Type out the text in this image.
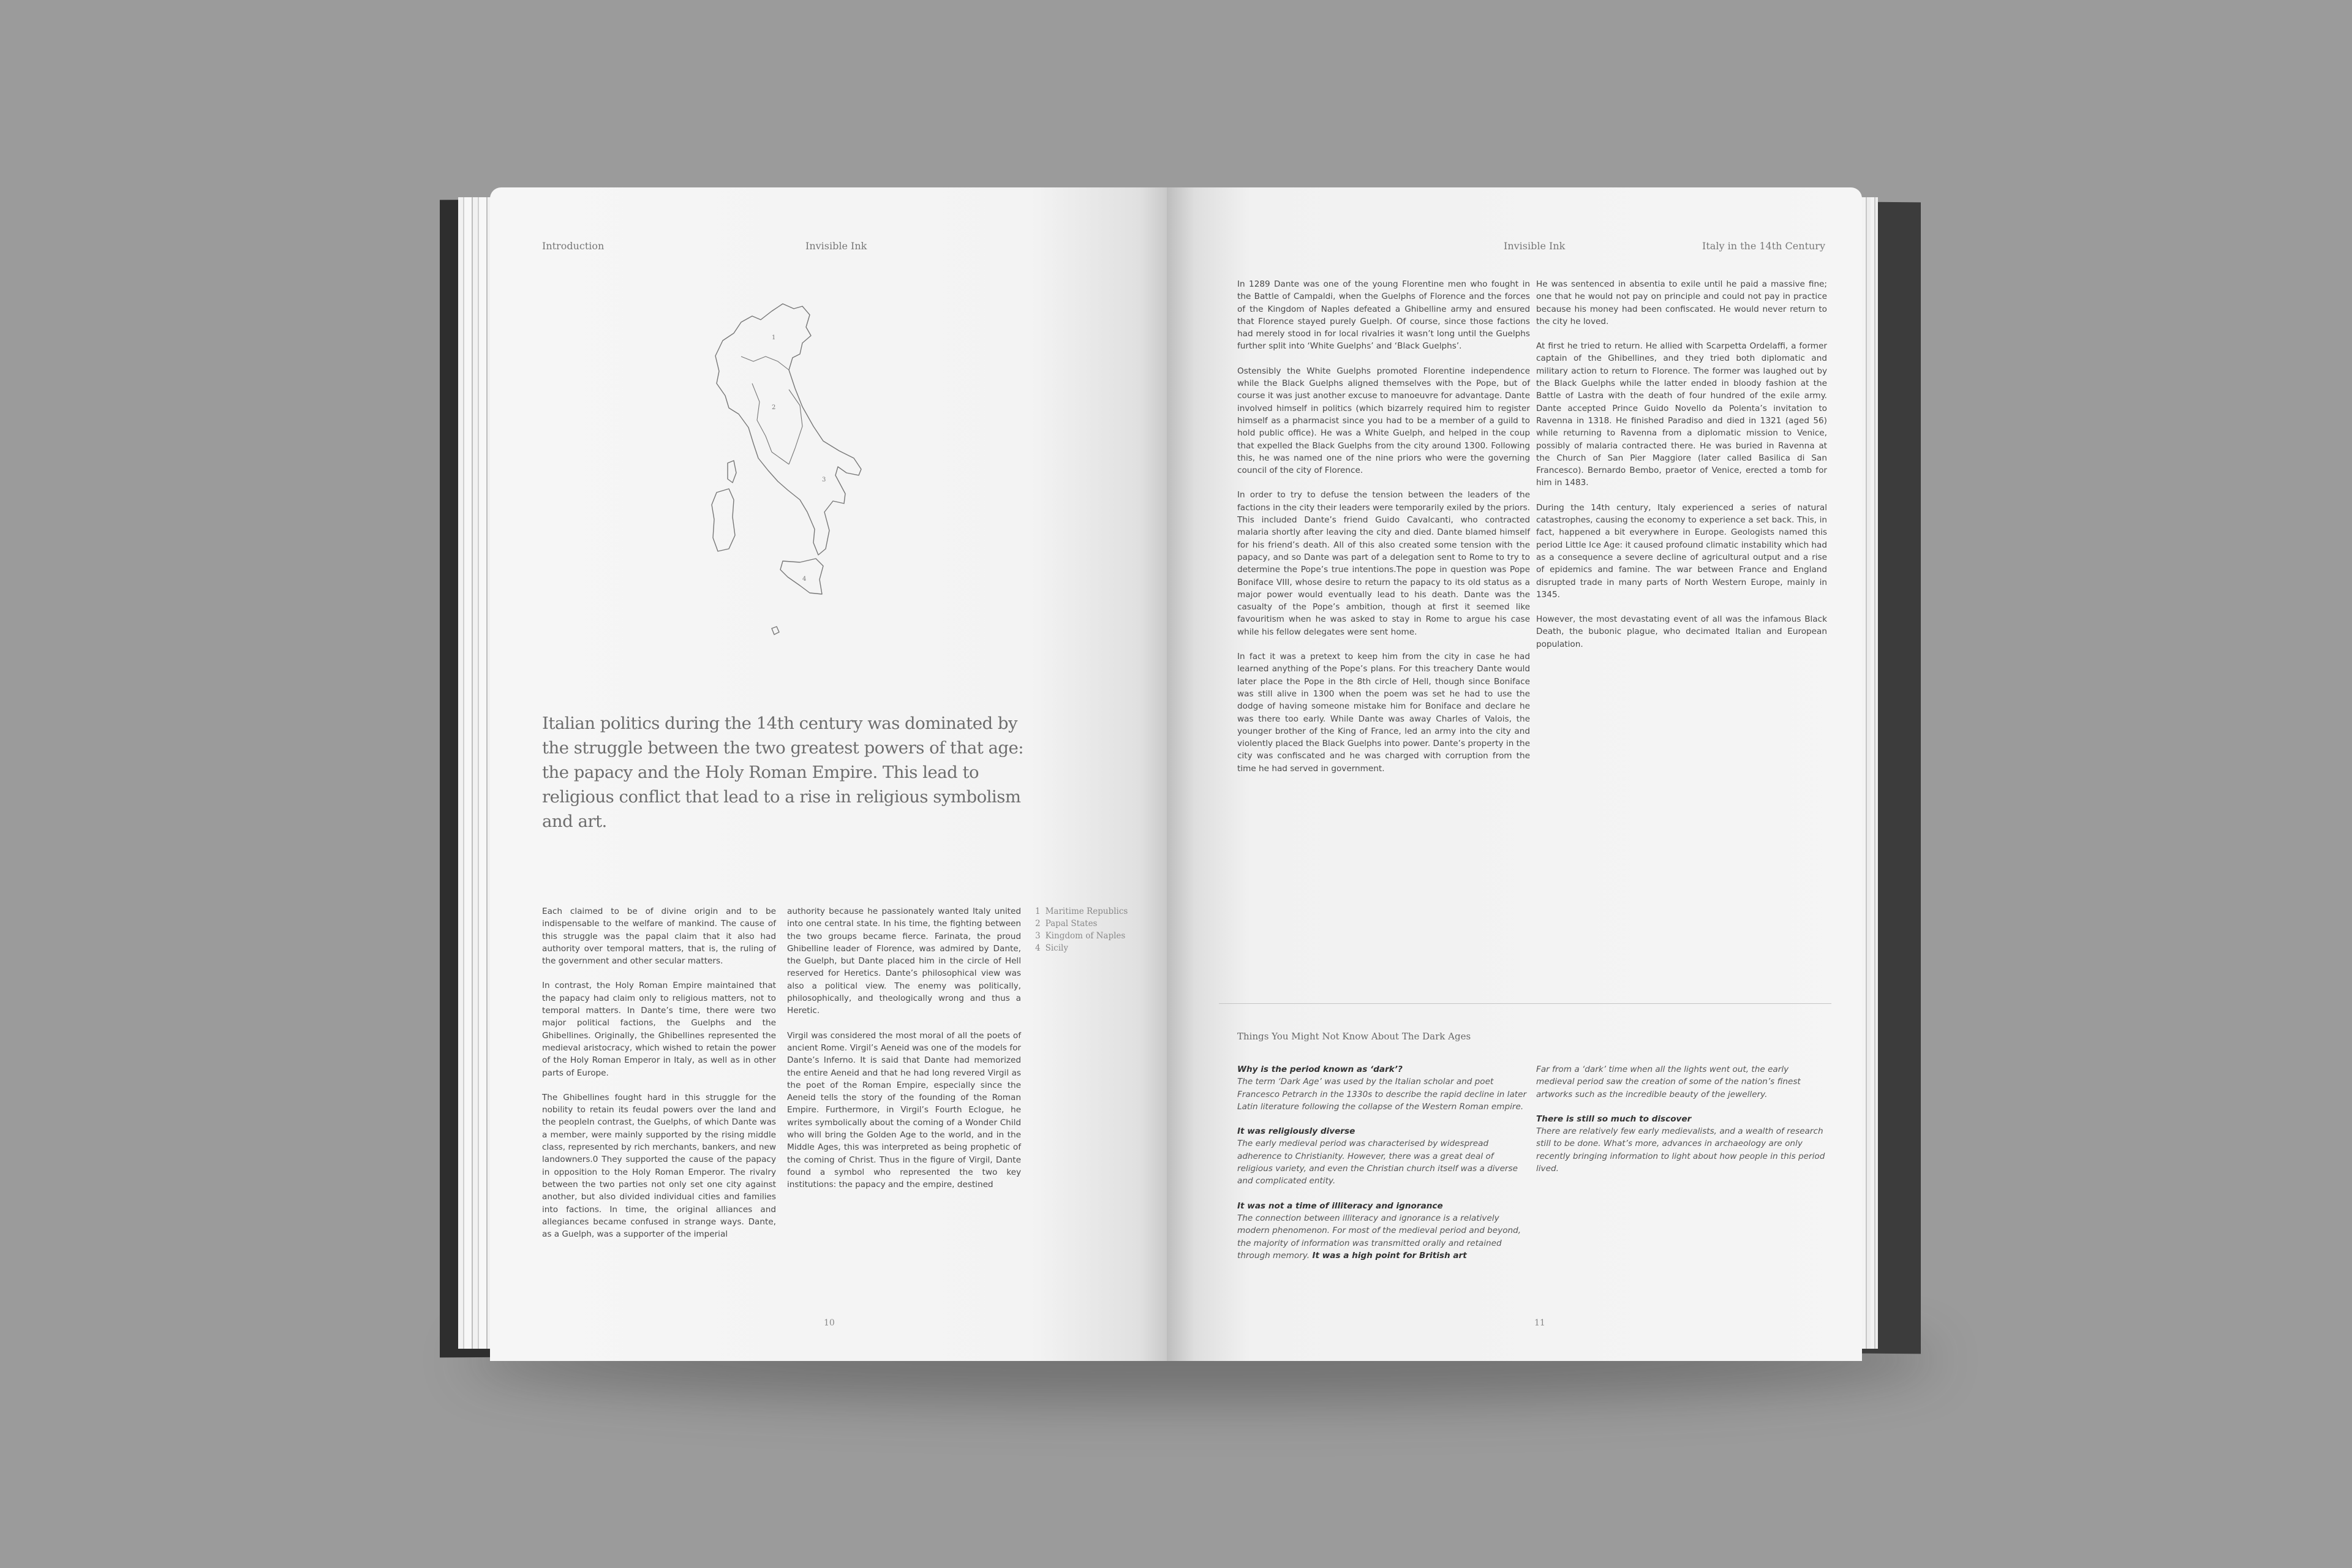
Introduction	Invisible Ink
1
2
3
4
Italian politics during the 14th century was dominated by the struggle between the two greatest powers of that age: the papacy and the Holy Roman Empire. This lead to religious conflict that lead to a rise in religious symbolism and art.

Each claimed to be of divine origin and to be indispensable to the welfare of mankind. The cause of this struggle was the papal claim that it also had authority over temporal matters, that is, the ruling of the government and other secular matters.

In contrast, the Holy Roman Empire maintained that the papacy had claim only to religious matters, not to temporal matters. In Dante’s time, there were two major political factions, the Guelphs and the Ghibellines. Originally, the Ghibellines represented the medieval aristocracy, which wished to retain the power of the Holy Roman Emperor in Italy, as well as in other parts of Europe.

The Ghibellines fought hard in this struggle for the nobility to retain its feudal powers over the land and the peopleIn contrast, the Guelphs, of which Dante was a member, were mainly supported by the rising middle class, represented by rich merchants, bankers, and new landowners.0 They supported the cause of the papacy in opposition to the Holy Roman Emperor. The rivalry between the two parties not only set one city against another, but also divided individual cities and families into factions. In time, the original alliances and allegiances became confused in strange ways. Dante, as a Guelph, was a supporter of the imperial

authority because he passionately wanted Italy united into one central state. In his time, the fighting between the two groups became fierce. Farinata, the proud Ghibelline leader of Florence, was admired by Dante, the Guelph, but Dante placed him in the circle of Hell reserved for Heretics. Dante’s philosophical view was also a political view. The enemy was politically, philosophically, and theologically wrong and thus a Heretic.

Virgil was considered the most moral of all the poets of ancient Rome. Virgil’s Aeneid was one of the models for Dante’s Inferno. It is said that Dante had memorized the entire Aeneid and that he had long revered Virgil as the poet of the Roman Empire, especially since the Aeneid tells the story of the founding of the Roman Empire. Furthermore, in Virgil’s Fourth Eclogue, he writes symbolically about the coming of a Wonder Child who will bring the Golden Age to the world, and in the Middle Ages, this was interpreted as being prophetic of the coming of Christ. Thus in the figure of Virgil, Dante found a symbol who represented the two key institutions: the papacy and the empire, destined

1 Maritime Republics
2 Papal States
3 Kingdom of Naples
4 Sicily
10
Invisible Ink	Italy in the 14th Century

In 1289 Dante was one of the young Florentine men who fought in the Battle of Campaldi, when the Guelphs of Florence and the forces of the Kingdom of Naples defeated a Ghibelline army and ensured that Florence stayed purely Guelph. Of course, since those factions had merely stood in for local rivalries it wasn’t long until the Guelphs further split into ‘White Guelphs’ and ‘Black Guelphs’.

Ostensibly the White Guelphs promoted Florentine independence while the Black Guelphs aligned themselves with the Pope, but of course it was just another excuse to manoeuvre for advantage. Dante involved himself in politics (which bizarrely required him to register himself as a pharmacist since you had to be a member of a guild to hold public office). He was a White Guelph, and helped in the coup that expelled the Black Guelphs from the city around 1300. Following this, he was named one of the nine priors who were the governing council of the city of Florence.

In order to try to defuse the tension between the leaders of the factions in the city their leaders were temporarily exiled by the priors. This included Dante’s friend Guido Cavalcanti, who contracted malaria shortly after leaving the city and died. Dante blamed himself for his friend’s death. All of this also created some tension with the papacy, and so Dante was part of a delegation sent to Rome to try to determine the Pope’s true intentions.The pope in question was Pope Boniface VIII, whose desire to return the papacy to its old status as a major power would eventually lead to his death. Dante was the casualty of the Pope’s ambition, though at first it seemed like favouritism when he was asked to stay in Rome to argue his case while his fellow delegates were sent home.

In fact it was a pretext to keep him from the city in case he had learned anything of the Pope’s plans. For this treachery Dante would later place the Pope in the 8th circle of Hell, though since Boniface was still alive in 1300 when the poem was set he had to use the dodge of having someone mistake him for Boniface and declare he was there too early. While Dante was away Charles of Valois, the younger brother of the King of France, led an army into the city and violently placed the Black Guelphs into power. Dante’s property in the city was confiscated and he was charged with corruption from the time he had served in government.

He was sentenced in absentia to exile until he paid a massive fine; one that he would not pay on principle and could not pay in practice because his money had been confiscated. He would never return to the city he loved.

At first he tried to return. He allied with Scarpetta Ordelaffi, a former captain of the Ghibellines, and they tried both diplomatic and military action to return to Florence. The former was laughed out by the Black Guelphs while the latter ended in bloody fashion at the Battle of Lastra with the death of four hundred of the exile army. Dante accepted Prince Guido Novello da Polenta’s invitation to Ravenna in 1318. He finished Paradiso and died in 1321 (aged 56) while returning to Ravenna from a diplomatic mission to Venice, possibly of malaria contracted there. He was buried in Ravenna at the Church of San Pier Maggiore (later called Basilica di San Francesco). Bernardo Bembo, praetor of Venice, erected a tomb for him in 1483.

During the 14th century, Italy experienced a series of natural catastrophes, causing the economy to experience a set back. This, in fact, happened a bit everywhere in Europe. Geologists named this period Little Ice Age: it caused profound climatic instability which had as a consequence a severe decline of agricultural output and a rise of epidemics and famine. The war between France and England disrupted trade in many parts of North Western Europe, mainly in 1345.

However, the most devastating event of all was the infamous Black Death, the bubonic plague, who decimated Italian and European population.

Things You Might Not Know About The Dark Ages
Why is the period known as ‘dark’?
The term ‘Dark Age’ was used by the Italian scholar and poet Francesco Petrarch in the 1330s to describe the rapid decline in later Latin literature following the collapse of the Western Roman empire.
It was religiously diverse
The early medieval period was characterised by widespread adherence to Christianity. However, there was a great deal of religious variety, and even the Christian church itself was a diverse and complicated entity.
It was not a time of illiteracy and ignorance
The connection between illiteracy and ignorance is a relatively modern phenomenon. For most of the medieval period and beyond, the majority of information was transmitted orally and retained through memory. It was a high point for British art
Far from a ‘dark’ time when all the lights went out, the early medieval period saw the creation of some of the nation’s finest artworks such as the incredible beauty of the jewellery.
There is still so much to discover
There are relatively few early medievalists, and a wealth of research still to be done. What’s more, advances in archaeology are only recently bringing information to light about how people in this period lived.
11
